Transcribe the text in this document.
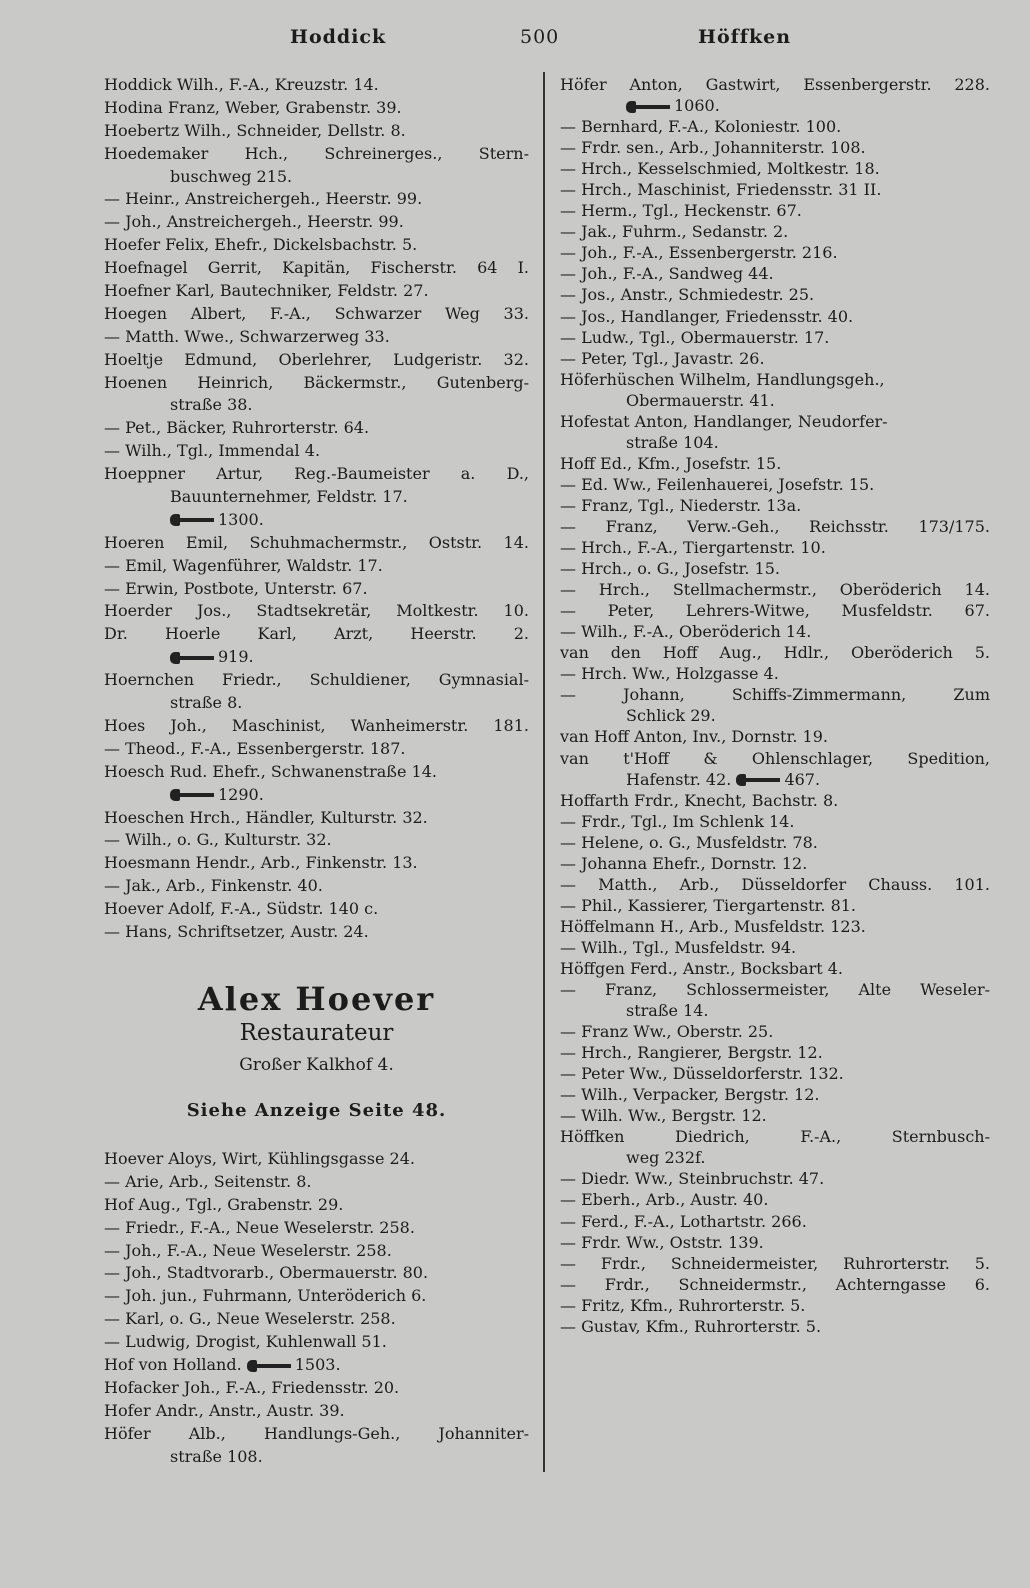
Hoddick	500	Höffken
Hoddick Wilh., F.-A., Kreuzstr. 14.
Hodina Franz, Weber, Grabenstr. 39.
Hoebertz Wilh., Schneider, Dellstr. 8.
Hoedemaker Hch., Schreinerges., Stern-
buschweg 215.
— Heinr., Anstreichergeh., Heerstr. 99.
— Joh., Anstreichergeh., Heerstr. 99.
Hoefer Felix, Ehefr., Dickelsbachstr. 5.
Hoefnagel Gerrit, Kapitän, Fischerstr. 64 I.
Hoefner Karl, Bautechniker, Feldstr. 27.
Hoegen Albert, F.-A., Schwarzer Weg 33.
— Matth. Wwe., Schwarzerweg 33.
Hoeltje Edmund, Oberlehrer, Ludgeristr. 32.
Hoenen Heinrich, Bäckermstr., Gutenberg-
straße 38.
— Pet., Bäcker, Ruhrorterstr. 64.
— Wilh., Tgl., Immendal 4.
Hoeppner Artur, Reg.-Baumeister a. D.,
Bauunternehmer, Feldstr. 17.
1300.
Hoeren Emil, Schuhmachermstr., Oststr. 14.
— Emil, Wagenführer, Waldstr. 17.
— Erwin, Postbote, Unterstr. 67.
Hoerder Jos., Stadtsekretär, Moltkestr. 10.
Dr. Hoerle Karl, Arzt, Heerstr. 2.
919.
Hoernchen Friedr., Schuldiener, Gymnasial-
straße 8.
Hoes Joh., Maschinist, Wanheimerstr. 181.
— Theod., F.-A., Essenbergerstr. 187.
Hoesch Rud. Ehefr., Schwanenstraße 14.
1290.
Hoeschen Hrch., Händler, Kulturstr. 32.
— Wilh., o. G., Kulturstr. 32.
Hoesmann Hendr., Arb., Finkenstr. 13.
— Jak., Arb., Finkenstr. 40.
Hoever Adolf, F.-A., Südstr. 140 c.
— Hans, Schriftsetzer, Austr. 24.
Höfer Anton, Gastwirt, Essenbergerstr. 228.
1060.
— Bernhard, F.-A., Koloniestr. 100.
— Frdr. sen., Arb., Johanniterstr. 108.
— Hrch., Kesselschmied, Moltkestr. 18.
— Hrch., Maschinist, Friedensstr. 31 II.
— Herm., Tgl., Heckenstr. 67.
— Jak., Fuhrm., Sedanstr. 2.
— Joh., F.-A., Essenbergerstr. 216.
— Joh., F.-A., Sandweg 44.
— Jos., Anstr., Schmiedestr. 25.
— Jos., Handlanger, Friedensstr. 40.
— Ludw., Tgl., Obermauerstr. 17.
— Peter, Tgl., Javastr. 26.
Höferhüschen Wilhelm, Handlungsgeh.,
Obermauerstr. 41.
Hofestat Anton, Handlanger, Neudorfer-
straße 104.
Hoff Ed., Kfm., Josefstr. 15.
— Ed. Ww., Feilenhauerei, Josefstr. 15.
— Franz, Tgl., Niederstr. 13a.
— Franz, Verw.-Geh., Reichsstr. 173/175.
— Hrch., F.-A., Tiergartenstr. 10.
— Hrch., o. G., Josefstr. 15.
— Hrch., Stellmachermstr., Oberöderich 14.
— Peter, Lehrers-Witwe, Musfeldstr. 67.
— Wilh., F.-A., Oberöderich 14.
van den Hoff Aug., Hdlr., Oberöderich 5.
— Hrch. Ww., Holzgasse 4.
— Johann, Schiffs-Zimmermann, Zum
Schlick 29.
van Hoff Anton, Inv., Dornstr. 19.
van t'Hoff & Ohlenschlager, Spedition,
Hafenstr. 42.	467.
Hoffarth Frdr., Knecht, Bachstr. 8.
— Frdr., Tgl., Im Schlenk 14.
— Helene, o. G., Musfeldstr. 78.
— Johanna Ehefr., Dornstr. 12.
— Matth., Arb., Düsseldorfer Chauss. 101.
— Phil., Kassierer, Tiergartenstr. 81.
Höffelmann H., Arb., Musfeldstr. 123.
— Wilh., Tgl., Musfeldstr. 94.
Höffgen Ferd., Anstr., Bocksbart 4.
— Franz, Schlossermeister, Alte Weseler-
straße 14.
— Franz Ww., Oberstr. 25.
— Hrch., Rangierer, Bergstr. 12.
— Peter Ww., Düsseldorferstr. 132.
— Wilh., Verpacker, Bergstr. 12.
— Wilh. Ww., Bergstr. 12.
Höffken Diedrich, F.-A., Sternbusch-
weg 232f.
— Diedr. Ww., Steinbruchstr. 47.
— Eberh., Arb., Austr. 40.
— Ferd., F.-A., Lothartstr. 266.
— Frdr. Ww., Oststr. 139.
— Frdr., Schneidermeister, Ruhrorterstr. 5.
— Frdr., Schneidermstr., Achterngasse 6.
— Fritz, Kfm., Ruhrorterstr. 5.
— Gustav, Kfm., Ruhrorterstr. 5.
Alex Hoever
Restaurateur
Großer Kalkhof 4.
Siehe Anzeige Seite 48.
Hoever Aloys, Wirt, Kühlingsgasse 24.
— Arie, Arb., Seitenstr. 8.
Hof Aug., Tgl., Grabenstr. 29.
— Friedr., F.-A., Neue Weselerstr. 258.
— Joh., F.-A., Neue Weselerstr. 258.
— Joh., Stadtvorarb., Obermauerstr. 80.
— Joh. jun., Fuhrmann, Unteröderich 6.
— Karl, o. G., Neue Weselerstr. 258.
— Ludwig, Drogist, Kuhlenwall 51.
Hof von Holland.	1503.
Hofacker Joh., F.-A., Friedensstr. 20.
Hofer Andr., Anstr., Austr. 39.
Höfer Alb., Handlungs-Geh., Johanniter-
straße 108.
